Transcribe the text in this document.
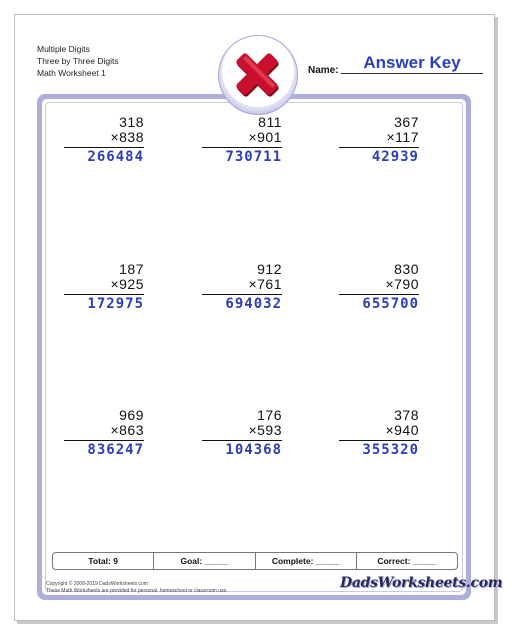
Multiple Digits
Three by Three Digits
Math Worksheet 1	Name:	Answer Key
318
×838
266484
811
×901
730711
367
×117
42939
187
×925
172975
912
×761
694032
830
×790
655700
969
×863
836247
176
×593
104368
378
×940
355320
Total: 9	Goal: _____	Complete: _____	Correct: _____
Copyright © 2008-2019 DadsWorksheets.com
These Math Worksheets are provided for personal, homeschool or classroom use.	DadsWorksheets.com
